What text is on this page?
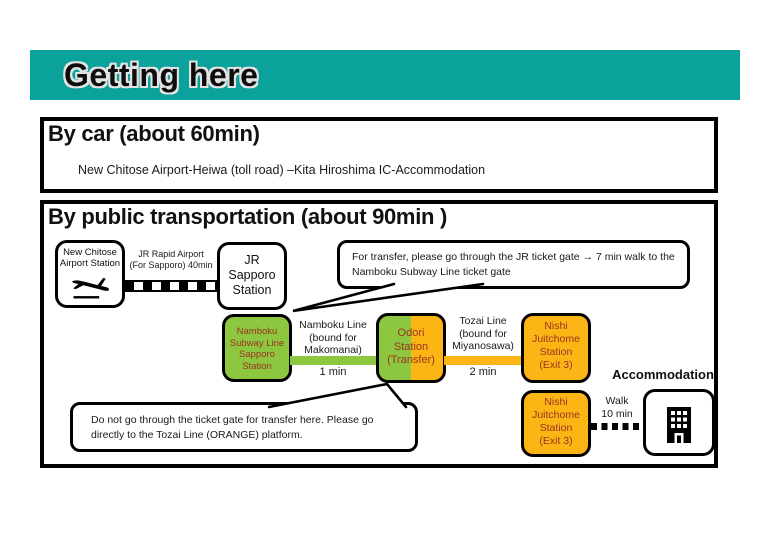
Getting here
By car (about 60min)
New Chitose Airport-Heiwa (toll road) –Kita Hiroshima IC-Accommodation
By public transportation (about 90min )
New Chitose
Airport Station
JR Rapid Airport
(For Sapporo) 40min	JR
Sapporo
Station
For transfer, please go through the JR ticket gate → 7 min walk to the Namboku Subway Line ticket gate
Namboku
Subway Line
Sapporo
Station
Namboku Line
(bound for
Makomanai)
1 min
Odori
Station
(Transfer)
Tozai Line
(bound for
Miyanosawa)
2 min
Nishi
Juitchome
Station
(Exit 3)
Accommodation
Nishi
Juitchome
Station
(Exit 3)
Walk
10 min
Do not go through the ticket gate for transfer here. Please go directly to the Tozai Line (ORANGE) platform.
